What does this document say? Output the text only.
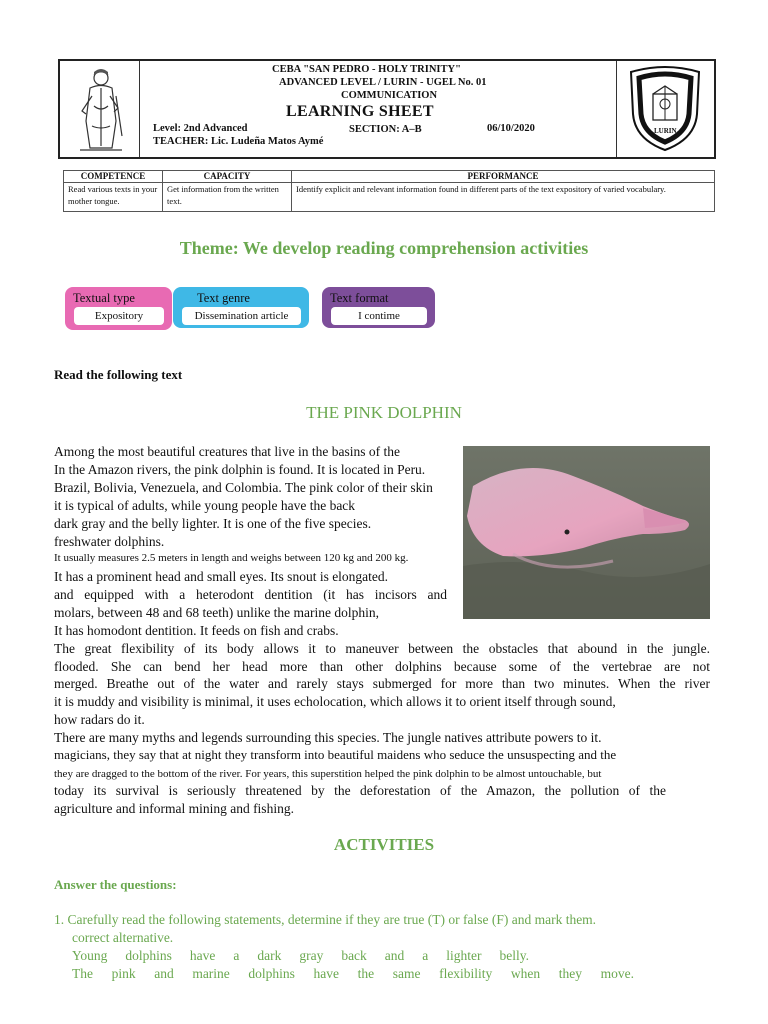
CEBA "SAN PEDRO - HOLY TRINITY"
ADVANCED LEVEL / LURIN - UGEL No. 01
COMMUNICATION
LEARNING SHEET
Level: 2nd Advanced	SECTION: A–B	06/10/2020
TEACHER: Lic. Ludeña Matos Aymé
LURIN
COMPETENCE	CAPACITY	PERFORMANCE
Read various texts in your mother tongue.	Get information from the written text.	Identify explicit and relevant information found in different parts of the text expository of varied vocabulary.
Theme: We develop reading comprehension activities
Textual type
Expository
Text genre
Dissemination article
Text format
I contime
Read the following text
THE PINK DOLPHIN
Among the most beautiful creatures that live in the basins of the
In the Amazon rivers, the pink dolphin is found. It is located in Peru.
Brazil, Bolivia, Venezuela, and Colombia. The pink color of their skin
it is typical of adults, while young people have the back
dark gray and the belly lighter. It is one of the five species.
freshwater dolphins.
It usually measures 2.5 meters in length and weighs between 120 kg and 200 kg.
It has a prominent head and small eyes. Its snout is elongated.
and equipped with a heterodont dentition (it has incisors and
molars, between 48 and 68 teeth) unlike the marine dolphin,
It has homodont dentition. It feeds on fish and crabs.
The great flexibility of its body allows it to maneuver between the obstacles that abound in the jungle.
flooded. She can bend her head more than other dolphins because some of the vertebrae are not
merged. Breathe out of the water and rarely stays submerged for more than two minutes. When the river
it is muddy and visibility is minimal, it uses echolocation, which allows it to orient itself through sound,
how radars do it.
There are many myths and legends surrounding this species. The jungle natives attribute powers to it.
magicians, they say that at night they transform into beautiful maidens who seduce the unsuspecting and the
they are dragged to the bottom of the river. For years, this superstition helped the pink dolphin to be almost untouchable, but
today its survival is seriously threatened by the deforestation of the Amazon, the pollution of the
agriculture and informal mining and fishing.
ACTIVITIES
Answer the questions:
1. Carefully read the following statements, determine if they are true (T) or false (F) and mark them.
correct alternative.
Young dolphins have a dark gray back and a lighter belly.
The pink and marine dolphins have the same flexibility when they move.
